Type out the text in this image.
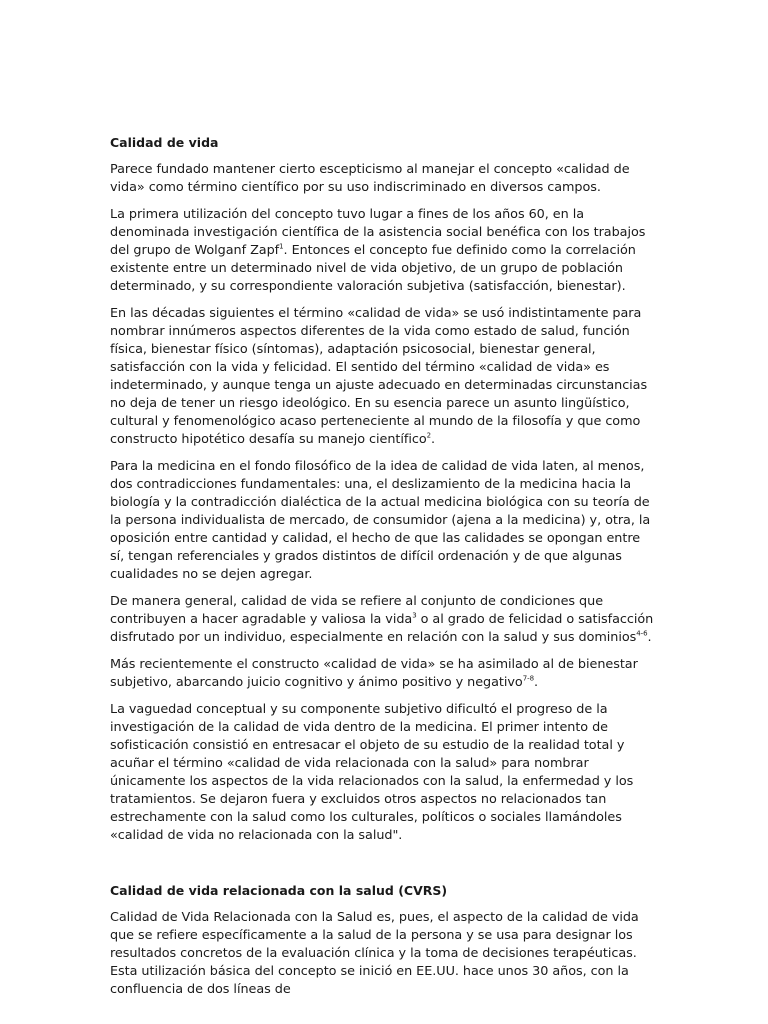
Calidad de vida

Parece fundado mantener cierto escepticismo al manejar el concepto «calidad de vida» como término científico por su uso indiscriminado en diversos campos.

La primera utilización del concepto tuvo lugar a fines de los años 60, en la denominada investigación científica de la asistencia social benéfica con los trabajos del grupo de Wolganf Zapf$^1$. Entonces el concepto fue definido como la correlación existente entre un determinado nivel de vida objetivo, de un grupo de población determinado, y su correspondiente valoración subjetiva (satisfacción, bienestar).

En las décadas siguientes el término «calidad de vida» se usó indistintamente para nombrar innúmeros aspectos diferentes de la vida como estado de salud, función física, bienestar físico (síntomas), adaptación psicosocial, bienestar general, satisfacción con la vida y felicidad. El sentido del término «calidad de vida» es indeterminado, y aunque tenga un ajuste adecuado en determinadas circunstancias no deja de tener un riesgo ideológico. En su esencia parece un asunto lingüístico, cultural y fenomenológico acaso perteneciente al mundo de la filosofía y que como constructo hipotético desafía su manejo científico$^2$.

Para la medicina en el fondo filosófico de la idea de calidad de vida laten, al menos, dos contradicciones fundamentales: una, el deslizamiento de la medicina hacia la biología y la contradicción dialéctica de la actual medicina biológica con su teoría de la persona individualista de mercado, de consumidor (ajena a la medicina) y, otra, la oposición entre cantidad y calidad, el hecho de que las calidades se opongan entre sí, tengan referenciales y grados distintos de difícil ordenación y de que algunas cualidades no se dejen agregar.

De manera general, calidad de vida se refiere al conjunto de condiciones que contribuyen a hacer agradable y valiosa la vida$^3$ o al grado de felicidad o satisfacción disfrutado por un individuo, especialmente en relación con la salud y sus dominios$^{4-6}$.

Más recientemente el constructo «calidad de vida» se ha asimilado al de bienestar subjetivo, abarcando juicio cognitivo y ánimo positivo y negativo$^{7-8}$.

La vaguedad conceptual y su componente subjetivo dificultó el progreso de la investigación de la calidad de vida dentro de la medicina. El primer intento de sofisticación consistió en entresacar el objeto de su estudio de la realidad total y acuñar el término «calidad de vida relacionada con la salud» para nombrar únicamente los aspectos de la vida relacionados con la salud, la enfermedad y los tratamientos. Se dejaron fuera y excluidos otros aspectos no relacionados tan estrechamente con la salud como los culturales, políticos o sociales llamándoles «calidad de vida no relacionada con la salud".

Calidad de vida relacionada con la salud (CVRS)

Calidad de Vida Relacionada con la Salud es, pues, el aspecto de la calidad de vida que se refiere específicamente a la salud de la persona y se usa para designar los resultados concretos de la evaluación clínica y la toma de decisiones terapéuticas. Esta utilización básica del concepto se inició en EE.UU. hace unos 30 años, con la confluencia de dos líneas de
